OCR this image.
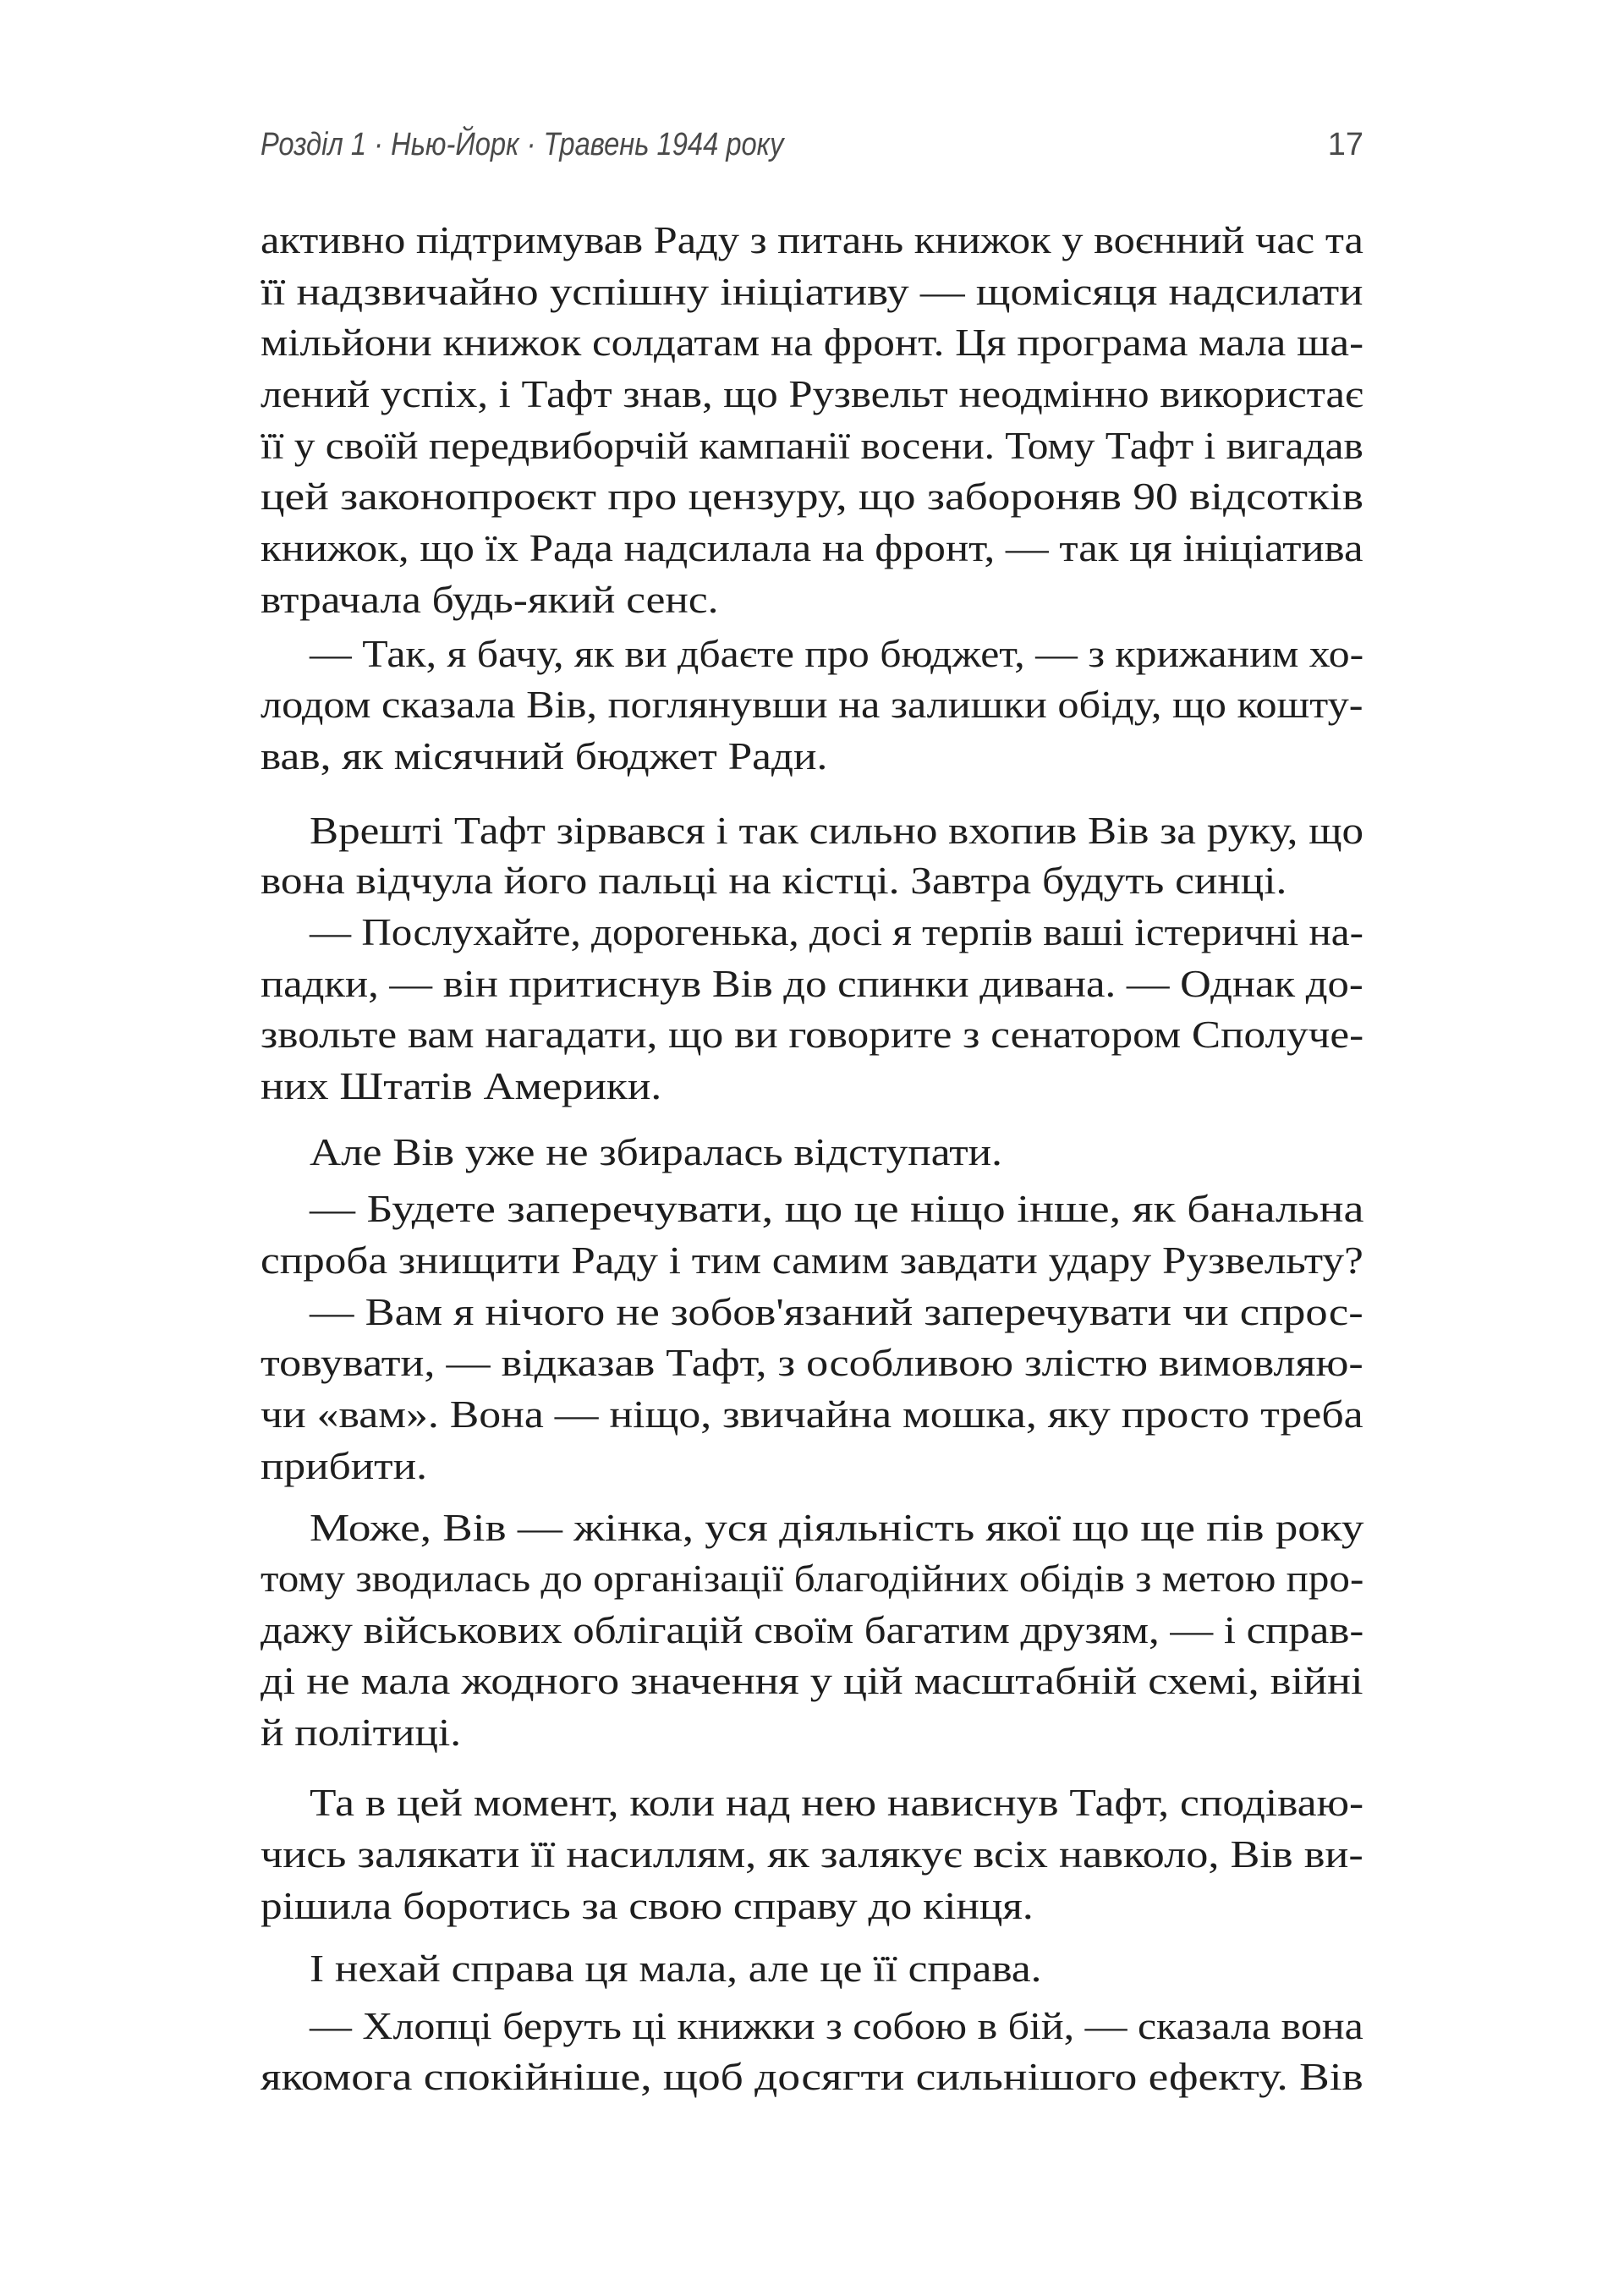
Розділ 1 · Нью-Йорк · Травень 1944 року	17
активно підтримував Раду з питань книжок у воєнний час та
її надзвичайно успішну ініціативу — щомісяця надсилати
мільйони книжок солдатам на фронт. Ця програма мала ша-
лений успіх, і Тафт знав, що Рузвельт неодмінно використає
її у своїй передвиборчій кампанії восени. Тому Тафт і вигадав
цей законопроєкт про цензуру, що забороняв 90 відсотків
книжок, що їх Рада надсилала на фронт, — так ця ініціатива
втрачала будь-який сенс.
— Так, я бачу, як ви дбаєте про бюджет, — з крижаним хо-
лодом сказала Вів, поглянувши на залишки обіду, що кошту-
вав, як місячний бюджет Ради.
Врешті Тафт зірвався і так сильно вхопив Вів за руку, що
вона відчула його пальці на кістці. Завтра будуть синці.
— Послухайте, дорогенька, досі я терпів ваші істеричні на-
падки, — він притиснув Вів до спинки дивана. — Однак до-
звольте вам нагадати, що ви говорите з сенатором Сполуче-
них Штатів Америки.
Але Вів уже не збиралась відступати.
— Будете заперечувати, що це ніщо інше, як банальна
спроба знищити Раду і тим самим завдати удару Рузвельту?
— Вам я нічого не зобов'язаний заперечувати чи спрос-
товувати, — відказав Тафт, з особливою злістю вимовляю-
чи «вам». Вона — ніщо, звичайна мошка, яку просто треба
прибити.
Може, Вів — жінка, уся діяльність якої що ще пів року
тому зводилась до організації благодійних обідів з метою про-
дажу військових облігацій своїм багатим друзям, — і справ-
ді не мала жодного значення у цій масштабній схемі, війні
й політиці.
Та в цей момент, коли над нею нависнув Тафт, сподіваю-
чись залякати її насиллям, як залякує всіх навколо, Вів ви-
рішила боротись за свою справу до кінця.
І нехай справа ця мала, але це її справа.
— Хлопці беруть ці книжки з собою в бій, — сказала вона
якомога спокійніше, щоб досягти сильнішого ефекту. Вів
